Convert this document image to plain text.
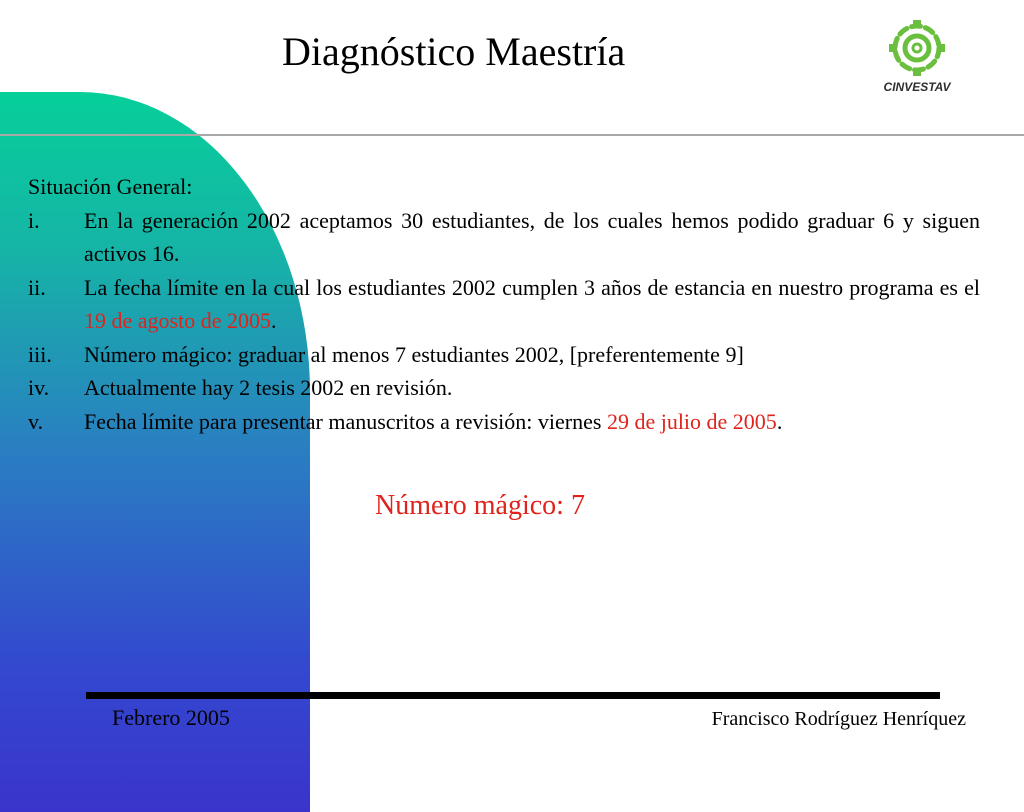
Diagnóstico Maestría
CINVESTAV
Situación General:
i.	En la generación 2002 aceptamos 30 estudiantes, de los cuales hemos podido graduar 6 y siguen activos 16.
ii.	La fecha límite en la cual los estudiantes 2002 cumplen 3 años de estancia en nuestro programa es el 19 de agosto de 2005.
iii.	Número mágico: graduar al menos 7 estudiantes 2002, [preferentemente 9]
iv.	Actualmente hay 2 tesis 2002 en revisión.
v.	Fecha límite para presentar manuscritos a revisión: viernes 29 de julio de 2005.
Número mágico: 7
Febrero 2005	Francisco Rodríguez Henríquez
